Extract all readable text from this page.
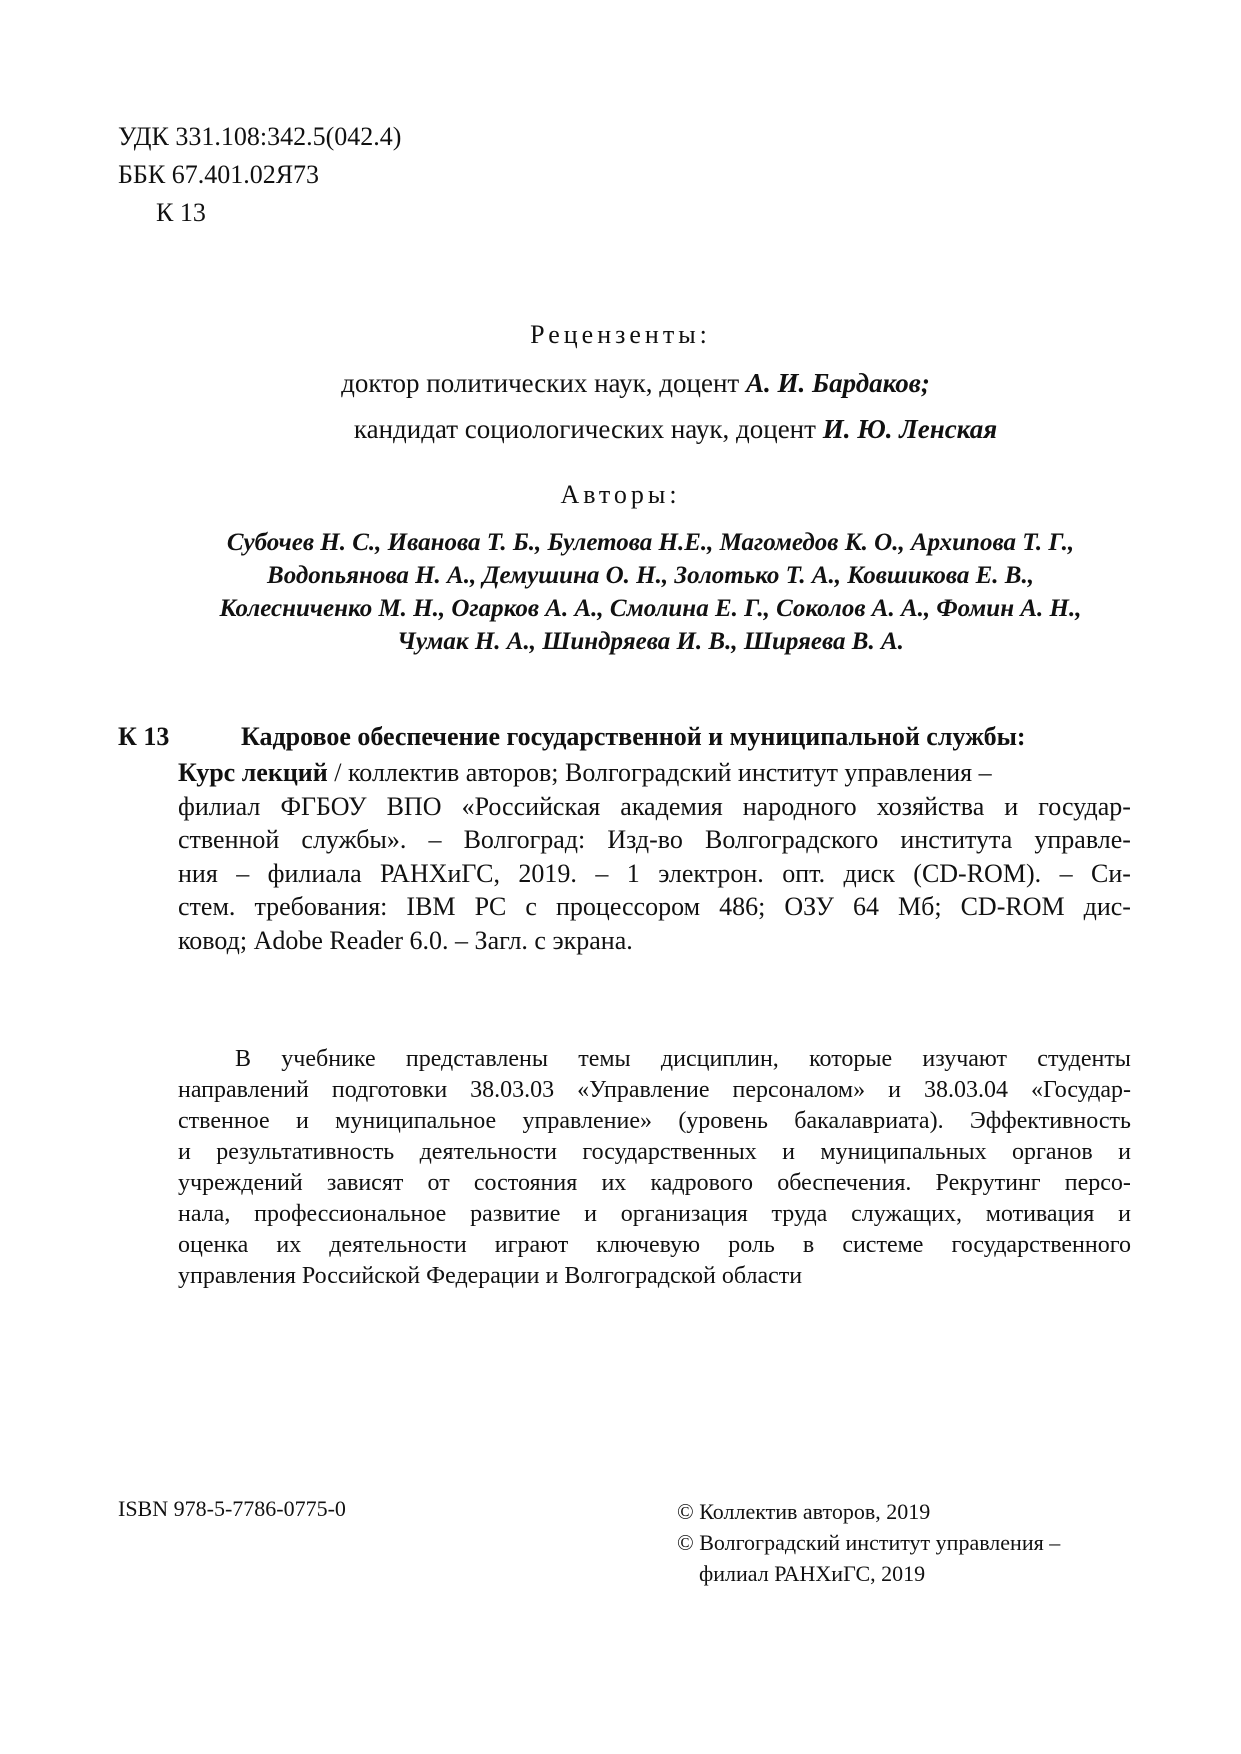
УДК 331.108:342.5(042.4)
ББК 67.401.02Я73
К 13
Рецензенты:
доктор политических наук, доцент А. И. Бардаков;
кандидат социологических наук, доцент И. Ю. Ленская
Авторы:
Субочев Н. С., Иванова Т. Б., Булетова Н.Е., Магомедов К. О., Архипова Т. Г.,
Водопьянова Н. А., Демушина О. Н., Золотько Т. А., Ковшикова Е. В.,
Колесниченко М. Н., Огарков А. А., Смолина Е. Г., Соколов А. А., Фомин А. Н.,
Чумак Н. А., Шиндряева И. В., Ширяева В. А.
К 13	Кадровое обеспечение государственной и муниципальной службы:
Курс лекций / коллектив авторов; Волгоградский институт управления –
филиал ФГБОУ ВПО «Российская академия народного хозяйства и государ-
ственной службы». – Волгоград: Изд-во Волгоградского института управле-
ния – филиала РАНХиГС, 2019. – 1 электрон. опт. диск (CD-ROM). – Си-
стем. требования: IBM PC с процессором 486; ОЗУ 64 Мб; CD-ROM дис-
ковод; Adobe Reader 6.0. – Загл. с экрана.
В учебнике представлены темы дисциплин, которые изучают студенты
направлений подготовки 38.03.03 «Управление персоналом» и 38.03.04 «Государ-
ственное и муниципальное управление» (уровень бакалавриата). Эффективность
и результативность деятельности государственных и муниципальных органов и
учреждений зависят от состояния их кадрового обеспечения. Рекрутинг персо-
нала, профессиональное развитие и организация труда служащих, мотивация и
оценка их деятельности играют ключевую роль в системе государственного
управления Российской Федерации и Волгоградской области
ISBN 978-5-7786-0775-0	© Коллектив авторов, 2019
© Волгоградский институт управления –
филиал РАНХиГС, 2019
